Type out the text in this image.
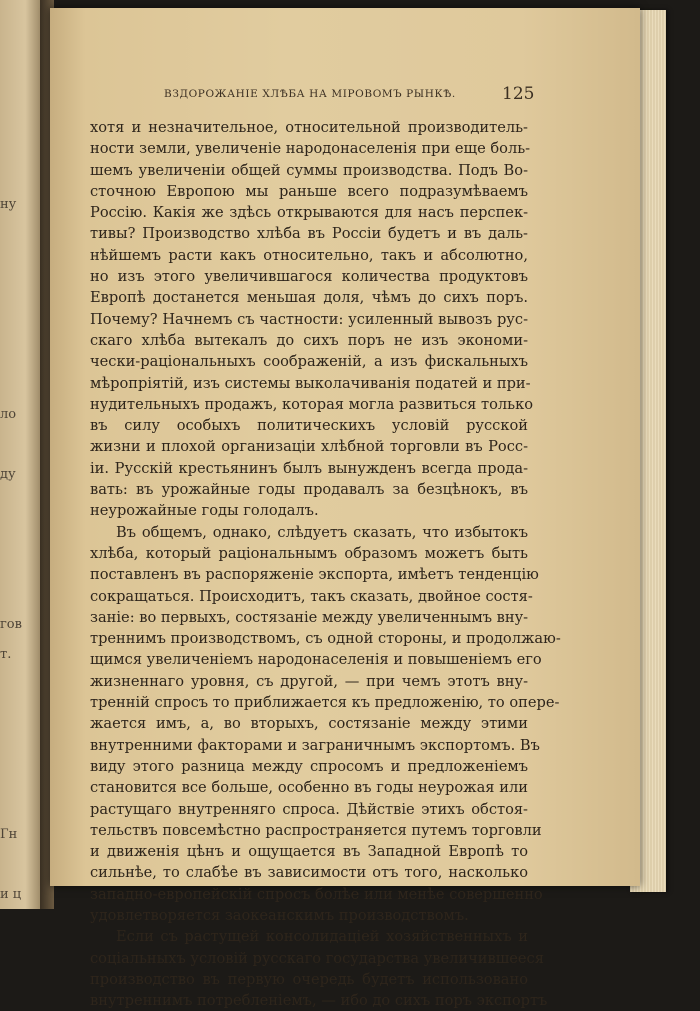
ну

лo

ду

гов
т.

Гн

и ц

ВЗДОРОЖАНІЕ ХЛѢБА НА МІРОВОМЪ РЫНКѢ.	125
хотя и незначительное, относительной производитель-
ности земли, увеличеніе народонаселенія при еще боль-
шемъ увеличеніи общей суммы производства. Подъ Во-
сточною Европою мы раньше всего подразумѣваемъ
Россію. Какія же здѣсь открываются для насъ перспек-
тивы? Производство хлѣба въ Россіи будетъ и въ даль-
нѣйшемъ расти какъ относительно, такъ и абсолютно,
но изъ этого увеличившагося количества продуктовъ
Европѣ достанется меньшая доля, чѣмъ до сихъ поръ.
Почему? Начнемъ съ частности: усиленный вывозъ рус-
скаго хлѣба вытекалъ до сихъ поръ не изъ экономи-
чески-раціональныхъ соображеній, а изъ фискальныхъ
мѣропріятій, изъ системы выколачиванія податей и при-
нудительныхъ продажъ, которая могла развиться только
въ силу особыхъ политическихъ условій русской
жизни и плохой организаціи хлѣбной торговли въ Росс-
іи. Русскій крестьянинъ былъ вынужденъ всегда прода-
вать: въ урожайные годы продавалъ за безцѣнокъ, въ
неурожайные годы голодалъ.
Въ общемъ, однако, слѣдуетъ сказать, что избытокъ
хлѣба, который раціональнымъ образомъ можетъ быть
поставленъ въ распоряженіе экспорта, имѣетъ тенденцію
сокращаться. Происходитъ, такъ сказать, двойное состя-
заніе: во первыхъ, состязаніе между увеличеннымъ вну-
треннимъ производствомъ, съ одной стороны, и продолжаю-
щимся увеличеніемъ народонаселенія и повышеніемъ его
жизненнаго уровня, съ другой, — при чемъ этотъ вну-
тренній спросъ то приближается къ предложенію, то опере-
жается имъ, а, во вторыхъ, состязаніе между этими
внутренними факторами и заграничнымъ экспортомъ. Въ
виду этого разница между спросомъ и предложеніемъ
становится все больше, особенно въ годы неурожая или
растущаго внутренняго спроса. Дѣйствіе этихъ обстоя-
тельствъ повсемѣстно распространяется путемъ торговли
и движенія цѣнъ и ощущается въ Западной Европѣ то
сильнѣе, то слабѣе въ зависимости отъ того, насколько
западно-европейскій спросъ болѣе или менѣе совершенно
удовлетворяется заокеанскимъ производствомъ.
Если съ растущей консолидаціей хозяйственныхъ и
соціальныхъ условій русскаго государства увеличившееся
производство въ первую очередь будетъ использовано
внутреннимъ потребленіемъ, — ибо до сихъ поръ экспортъ
